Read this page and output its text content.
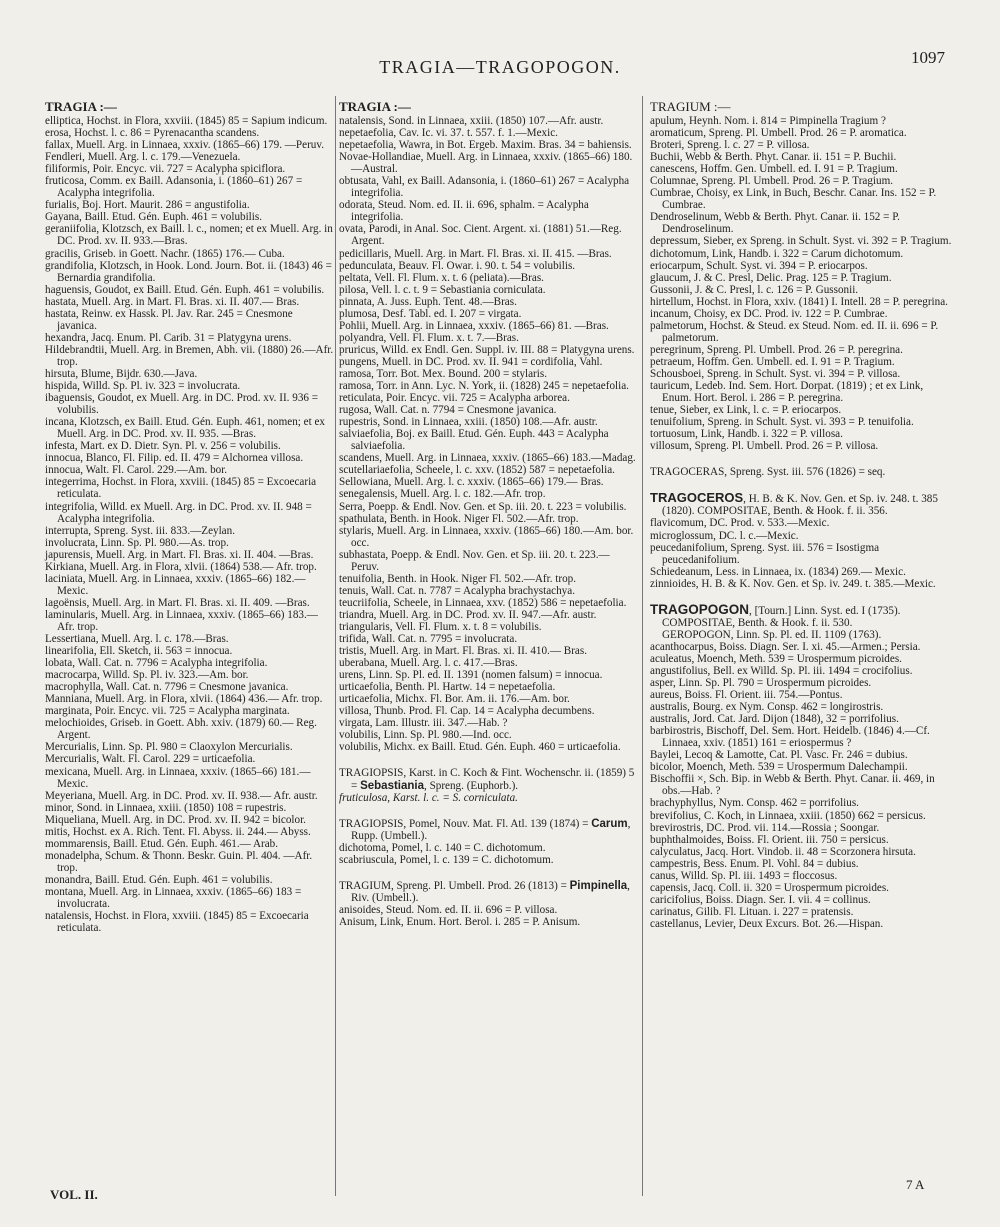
TRAGIA—TRAGOPOGON.	1097

TRAGIA :—

elliptica, Hochst. in Flora, xxviii. (1845) 85 = Sapium indicum.

erosa, Hochst. l. c. 86 = Pyrenacantha scandens.

fallax, Muell. Arg. in Linnaea, xxxiv. (1865–66) 179. —Peruv.

Fendleri, Muell. Arg. l. c. 179.—Venezuela.

filiformis, Poir. Encyc. vii. 727 = Acalypha spiciflora.

fruticosa, Comm. ex Baill. Adansonia, i. (1860–61) 267 = Acalypha integrifolia.

furialis, Boj. Hort. Maurit. 286 = angustifolia.

Gayana, Baill. Etud. Gén. Euph. 461 = volubilis.

geraniifolia, Klotzsch, ex Baill. l. c., nomen; et ex Muell. Arg. in DC. Prod. xv. II. 933.—Bras.

gracilis, Griseb. in Goett. Nachr. (1865) 176.— Cuba.

grandifolia, Klotzsch, in Hook. Lond. Journ. Bot. ii. (1843) 46 = Bernardia grandifolia.

haguensis, Goudot, ex Baill. Etud. Gén. Euph. 461 = volubilis.

hastata, Muell. Arg. in Mart. Fl. Bras. xi. II. 407.— Bras.

hastata, Reinw. ex Hassk. Pl. Jav. Rar. 245 = Cnesmone javanica.

hexandra, Jacq. Enum. Pl. Carib. 31 = Platygyna urens.

Hildebrandtii, Muell. Arg. in Bremen, Abh. vii. (1880) 26.—Afr. trop.

hirsuta, Blume, Bijdr. 630.—Java.

hispida, Willd. Sp. Pl. iv. 323 = involucrata.

ibaguensis, Goudot, ex Muell. Arg. in DC. Prod. xv. II. 936 = volubilis.

incana, Klotzsch, ex Baill. Etud. Gén. Euph. 461, nomen; et ex Muell. Arg. in DC. Prod. xv. II. 935. —Bras.

infesta, Mart. ex D. Dietr. Syn. Pl. v. 256 = volubilis.

innocua, Blanco, Fl. Filip. ed. II. 479 = Alchornea villosa.

innocua, Walt. Fl. Carol. 229.—Am. bor.

integerrima, Hochst. in Flora, xxviii. (1845) 85 = Excoecaria reticulata.

integrifolia, Willd. ex Muell. Arg. in DC. Prod. xv. II. 948 = Acalypha integrifolia.

interrupta, Spreng. Syst. iii. 833.—Zeylan.

involucrata, Linn. Sp. Pl. 980.—As. trop.

japurensis, Muell. Arg. in Mart. Fl. Bras. xi. II. 404. —Bras.

Kirkiana, Muell. Arg. in Flora, xlvii. (1864) 538.— Afr. trop.

laciniata, Muell. Arg. in Linnaea, xxxiv. (1865–66) 182.—Mexic.

lagoënsis, Muell. Arg. in Mart. Fl. Bras. xi. II. 409. —Bras.

laminularis, Muell. Arg. in Linnaea, xxxiv. (1865–66) 183.—Afr. trop.

Lessertiana, Muell. Arg. l. c. 178.—Bras.

linearifolia, Ell. Sketch, ii. 563 = innocua.

lobata, Wall. Cat. n. 7796 = Acalypha integrifolia.

macrocarpa, Willd. Sp. Pl. iv. 323.—Am. bor.

macrophylla, Wall. Cat. n. 7796 = Cnesmone javanica.

Manniana, Muell. Arg. in Flora, xlvii. (1864) 436.— Afr. trop.

marginata, Poir. Encyc. vii. 725 = Acalypha marginata.

melochioides, Griseb. in Goett. Abh. xxiv. (1879) 60.— Reg. Argent.

Mercurialis, Linn. Sp. Pl. 980 = Claoxylon Mercurialis.

Mercurialis, Walt. Fl. Carol. 229 = urticaefolia.

mexicana, Muell. Arg. in Linnaea, xxxiv. (1865–66) 181.—Mexic.

Meyeriana, Muell. Arg. in DC. Prod. xv. II. 938.— Afr. austr.

minor, Sond. in Linnaea, xxiii. (1850) 108 = rupestris.

Miqueliana, Muell. Arg. in DC. Prod. xv. II. 942 = bicolor.

mitis, Hochst. ex A. Rich. Tent. Fl. Abyss. ii. 244.— Abyss.

mommarensis, Baill. Etud. Gén. Euph. 461.— Arab.

monadelpha, Schum. & Thonn. Beskr. Guin. Pl. 404. —Afr. trop.

monandra, Baill. Etud. Gén. Euph. 461 = volubilis.

montana, Muell. Arg. in Linnaea, xxxiv. (1865–66) 183 = involucrata.

natalensis, Hochst. in Flora, xxviii. (1845) 85 = Excoecaria reticulata.

TRAGIA :—

natalensis, Sond. in Linnaea, xxiii. (1850) 107.—Afr. austr.

nepetaefolia, Cav. Ic. vi. 37. t. 557. f. 1.—Mexic.

nepetaefolia, Wawra, in Bot. Ergeb. Maxim. Bras. 34 = bahiensis.

Novae-Hollandiae, Muell. Arg. in Linnaea, xxxiv. (1865–66) 180.—Austral.

obtusata, Vahl, ex Baill. Adansonia, i. (1860–61) 267 = Acalypha integrifolia.

odorata, Steud. Nom. ed. II. ii. 696, sphalm. = Acalypha integrifolia.

ovata, Parodi, in Anal. Soc. Cient. Argent. xi. (1881) 51.—Reg. Argent.

pedicillaris, Muell. Arg. in Mart. Fl. Bras. xi. II. 415. —Bras.

pedunculata, Beauv. Fl. Owar. i. 90. t. 54 = volubilis.

peltata, Vell. Fl. Flum. x. t. 6 (peliata).—Bras.

pilosa, Vell. l. c. t. 9 = Sebastiania corniculata.

pinnata, A. Juss. Euph. Tent. 48.—Bras.

plumosa, Desf. Tabl. ed. I. 207 = virgata.

Pohlii, Muell. Arg. in Linnaea, xxxiv. (1865–66) 81. —Bras.

polyandra, Vell. Fl. Flum. x. t. 7.—Bras.

pruricus, Willd. ex Endl. Gen. Suppl. iv. III. 88 = Platygyna urens.

pungens, Muell. in DC. Prod. xv. II. 941 = cordifolia, Vahl.

ramosa, Torr. Bot. Mex. Bound. 200 = stylaris.

ramosa, Torr. in Ann. Lyc. N. York, ii. (1828) 245 = nepetaefolia.

reticulata, Poir. Encyc. vii. 725 = Acalypha arborea.

rugosa, Wall. Cat. n. 7794 = Cnesmone javanica.

rupestris, Sond. in Linnaea, xxiii. (1850) 108.—Afr. austr.

salviaefolia, Boj. ex Baill. Etud. Gén. Euph. 443 = Acalypha salviaefolia.

scandens, Muell. Arg. in Linnaea, xxxiv. (1865–66) 183.—Madag.

scutellariaefolia, Scheele, l. c. xxv. (1852) 587 = nepetaefolia.

Sellowiana, Muell. Arg. l. c. xxxiv. (1865–66) 179.— Bras.

senegalensis, Muell. Arg. l. c. 182.—Afr. trop.

Serra, Poepp. & Endl. Nov. Gen. et Sp. iii. 20. t. 223 = volubilis.

spathulata, Benth. in Hook. Niger Fl. 502.—Afr. trop.

stylaris, Muell. Arg. in Linnaea, xxxiv. (1865–66) 180.—Am. bor. occ.

subhastata, Poepp. & Endl. Nov. Gen. et Sp. iii. 20. t. 223.—Peruv.

tenuifolia, Benth. in Hook. Niger Fl. 502.—Afr. trop.

tenuis, Wall. Cat. n. 7787 = Acalypha brachystachya.

teucriifolia, Scheele, in Linnaea, xxv. (1852) 586 = nepetaefolia.

triandra, Muell. Arg. in DC. Prod. xv. II. 947.—Afr. austr.

triangularis, Vell. Fl. Flum. x. t. 8 = volubilis.

trifida, Wall. Cat. n. 7795 = involucrata.

tristis, Muell. Arg. in Mart. Fl. Bras. xi. II. 410.— Bras.

uberabana, Muell. Arg. l. c. 417.—Bras.

urens, Linn. Sp. Pl. ed. II. 1391 (nomen falsum) = innocua.

urticaefolia, Benth. Pl. Hartw. 14 = nepetaefolia.

urticaefolia, Michx. Fl. Bor. Am. ii. 176.—Am. bor.

villosa, Thunb. Prod. Fl. Cap. 14 = Acalypha decumbens.

virgata, Lam. Illustr. iii. 347.—Hab. ?

volubilis, Linn. Sp. Pl. 980.—Ind. occ.

volubilis, Michx. ex Baill. Etud. Gén. Euph. 460 = urticaefolia.

TRAGIOPSIS, Karst. in C. Koch & Fint. Wochenschr. ii. (1859) 5 = Sebastiania, Spreng. (Euphorb.).

fruticulosa, Karst. l. c. = S. corniculata.

TRAGIOPSIS, Pomel, Nouv. Mat. Fl. Atl. 139 (1874) = Carum, Rupp. (Umbell.).

dichotoma, Pomel, l. c. 140 = C. dichotomum.

scabriuscula, Pomel, l. c. 139 = C. dichotomum.

TRAGIUM, Spreng. Pl. Umbell. Prod. 26 (1813) = Pimpinella, Riv. (Umbell.).

anisoides, Steud. Nom. ed. II. ii. 696 = P. villosa.

Anisum, Link, Enum. Hort. Berol. i. 285 = P. Anisum.

TRAGIUM :—

apulum, Heynh. Nom. i. 814 = Pimpinella Tragium ?

aromaticum, Spreng. Pl. Umbell. Prod. 26 = P. aromatica.

Broteri, Spreng. l. c. 27 = P. villosa.

Buchii, Webb & Berth. Phyt. Canar. ii. 151 = P. Buchii.

canescens, Hoffm. Gen. Umbell. ed. I. 91 = P. Tragium.

Columnae, Spreng. Pl. Umbell. Prod. 26 = P. Tragium.

Cumbrae, Choisy, ex Link, in Buch, Beschr. Canar. Ins. 152 = P. Cumbrae.

Dendroselinum, Webb & Berth. Phyt. Canar. ii. 152 = P. Dendroselinum.

depressum, Sieber, ex Spreng. in Schult. Syst. vi. 392 = P. Tragium.

dichotomum, Link, Handb. i. 322 = Carum dichotomum.

eriocarpum, Schult. Syst. vi. 394 = P. eriocarpos.

glaucum, J. & C. Presl, Delic. Prag. 125 = P. Tragium.

Gussonii, J. & C. Presl, l. c. 126 = P. Gussonii.

hirtellum, Hochst. in Flora, xxiv. (1841) I. Intell. 28 = P. peregrina.

incanum, Choisy, ex DC. Prod. iv. 122 = P. Cumbrae.

palmetorum, Hochst. & Steud. ex Steud. Nom. ed. II. ii. 696 = P. palmetorum.

peregrinum, Spreng. Pl. Umbell. Prod. 26 = P. peregrina.

petraeum, Hoffm. Gen. Umbell. ed. I. 91 = P. Tragium.

Schousboei, Spreng. in Schult. Syst. vi. 394 = P. villosa.

tauricum, Ledeb. Ind. Sem. Hort. Dorpat. (1819) ; et ex Link, Enum. Hort. Berol. i. 286 = P. peregrina.

tenue, Sieber, ex Link, l. c. = P. eriocarpos.

tenuifolium, Spreng. in Schult. Syst. vi. 393 = P. tenuifolia.

tortuosum, Link, Handb. i. 322 = P. villosa.

villosum, Spreng. Pl. Umbell. Prod. 26 = P. villosa.

TRAGOCERAS, Spreng. Syst. iii. 576 (1826) = seq.

TRAGOCEROS, H. B. & K. Nov. Gen. et Sp. iv. 248. t. 385 (1820). COMPOSITAE, Benth. & Hook. f. ii. 356.

flavicomum, DC. Prod. v. 533.—Mexic.

microglossum, DC. l. c.—Mexic.

peucedanifolium, Spreng. Syst. iii. 576 = Isostigma peucedanifolium.

Schiedeanum, Less. in Linnaea, ix. (1834) 269.— Mexic.

zinnioides, H. B. & K. Nov. Gen. et Sp. iv. 249. t. 385.—Mexic.

TRAGOPOGON, [Tourn.] Linn. Syst. ed. I (1735). COMPOSITAE, Benth. & Hook. f. ii. 530.

GEROPOGON, Linn. Sp. Pl. ed. II. 1109 (1763).

acanthocarpus, Boiss. Diagn. Ser. I. xi. 45.—Armen.; Persia.

aculeatus, Moench, Meth. 539 = Urospermum picroides.

angustifolius, Bell. ex Willd. Sp. Pl. iii. 1494 = crocifolius.

asper, Linn. Sp. Pl. 790 = Urospermum picroides.

aureus, Boiss. Fl. Orient. iii. 754.—Pontus.

australis, Bourg. ex Nym. Consp. 462 = longirostris.

australis, Jord. Cat. Jard. Dijon (1848), 32 = porrifolius.

barbirostris, Bischoff, Del. Sem. Hort. Heidelb. (1846) 4.—Cf. Linnaea, xxiv. (1851) 161 = eriospermus ?

Baylei, Lecoq & Lamotte, Cat. Pl. Vasc. Fr. 246 = dubius.

bicolor, Moench, Meth. 539 = Urospermum Dalechampii.

Bischoffii ×, Sch. Bip. in Webb & Berth. Phyt. Canar. ii. 469, in obs.—Hab. ?

brachyphyllus, Nym. Consp. 462 = porrifolius.

brevifolius, C. Koch, in Linnaea, xxiii. (1850) 662 = persicus.

brevirostris, DC. Prod. vii. 114.—Rossia ; Soongar.

buphthalmoides, Boiss. Fl. Orient. iii. 750 = persicus.

calyculatus, Jacq. Hort. Vindob. ii. 48 = Scorzonera hirsuta.

campestris, Bess. Enum. Pl. Vohl. 84 = dubius.

canus, Willd. Sp. Pl. iii. 1493 = floccosus.

capensis, Jacq. Coll. ii. 320 = Urospermum picroides.

caricifolius, Boiss. Diagn. Ser. I. vii. 4 = collinus.

carinatus, Gilib. Fl. Lituan. i. 227 = pratensis.

castellanus, Levier, Deux Excurs. Bot. 26.—Hispan.

VOL. II.
7 A
